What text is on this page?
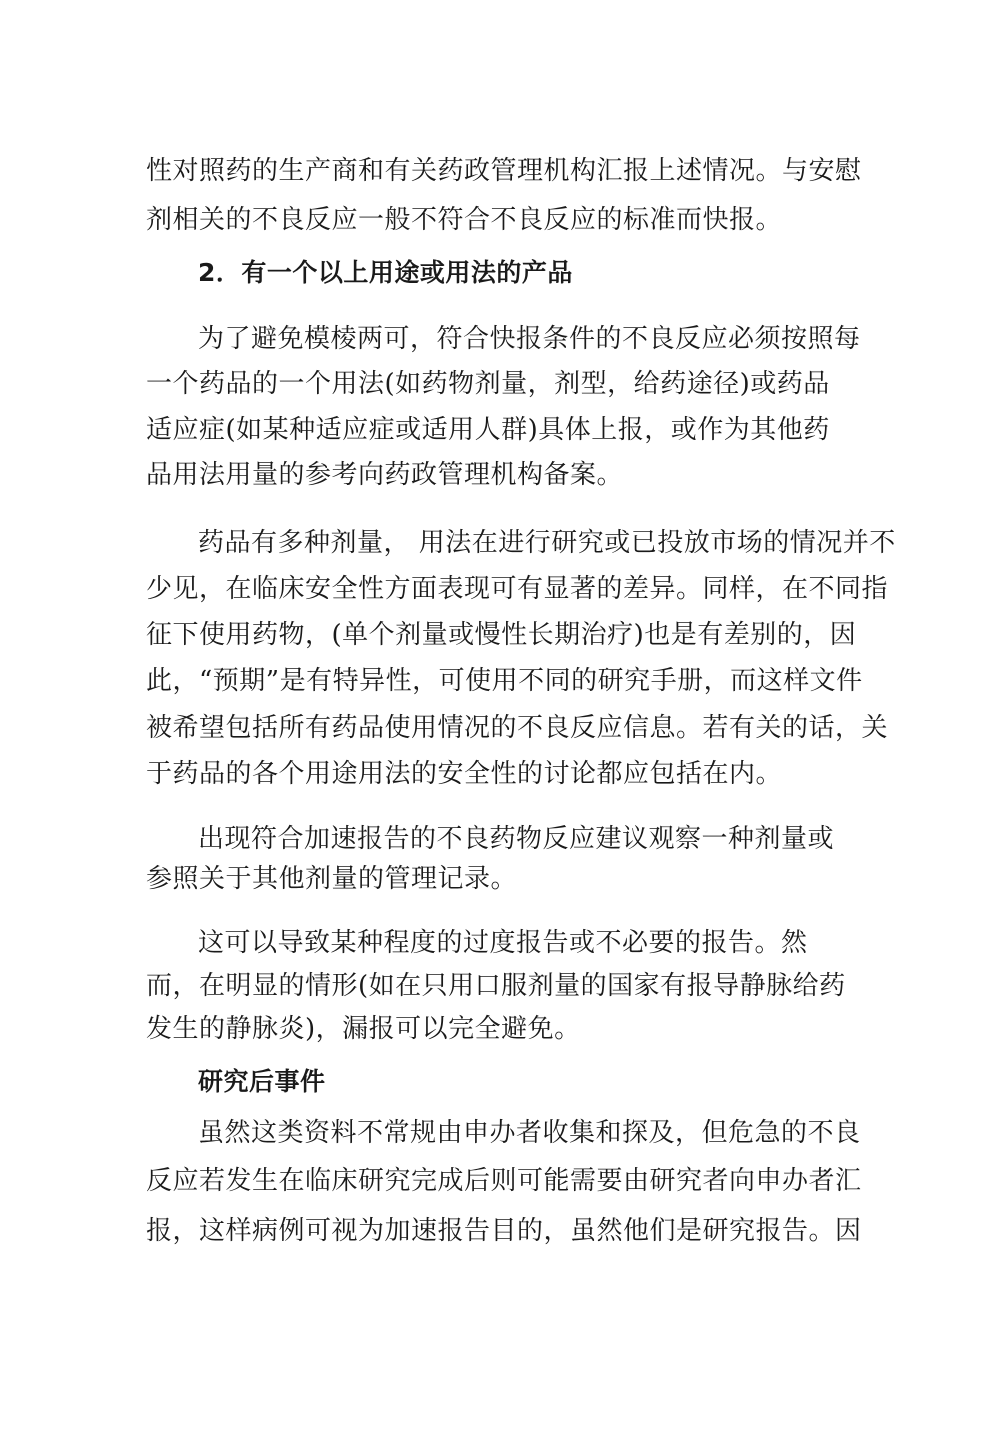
性对照药的生产商和有关药政管理机构汇报上述情况。与安慰
剂相关的不良反应一般不符合不良反应的标准而快报。
2．有一个以上用途或用法的产品
为了避免模棱两可，符合快报条件的不良反应必须按照每
一个药品的一个用法(如药物剂量，剂型，给药途径)或药品
适应症(如某种适应症或适用人群)具体上报，或作为其他药
品用法用量的参考向药政管理机构备案。
药品有多种剂量， 用法在进行研究或已投放市场的情况并不
少见，在临床安全性方面表现可有显著的差异。同样，在不同指
征下使用药物，(单个剂量或慢性长期治疗)也是有差别的，因
此，“预期”是有特异性，可使用不同的研究手册，而这样文件
被希望包括所有药品使用情况的不良反应信息。若有关的话，关
于药品的各个用途用法的安全性的讨论都应包括在内。
出现符合加速报告的不良药物反应建议观察一种剂量或
参照关于其他剂量的管理记录。
这可以导致某种程度的过度报告或不必要的报告。然
而，在明显的情形(如在只用口服剂量的国家有报导静脉给药
发生的静脉炎)，漏报可以完全避免。
研究后事件
虽然这类资料不常规由申办者收集和探及，但危急的不良
反应若发生在临床研究完成后则可能需要由研究者向申办者汇
报，这样病例可视为加速报告目的，虽然他们是研究报告。因
